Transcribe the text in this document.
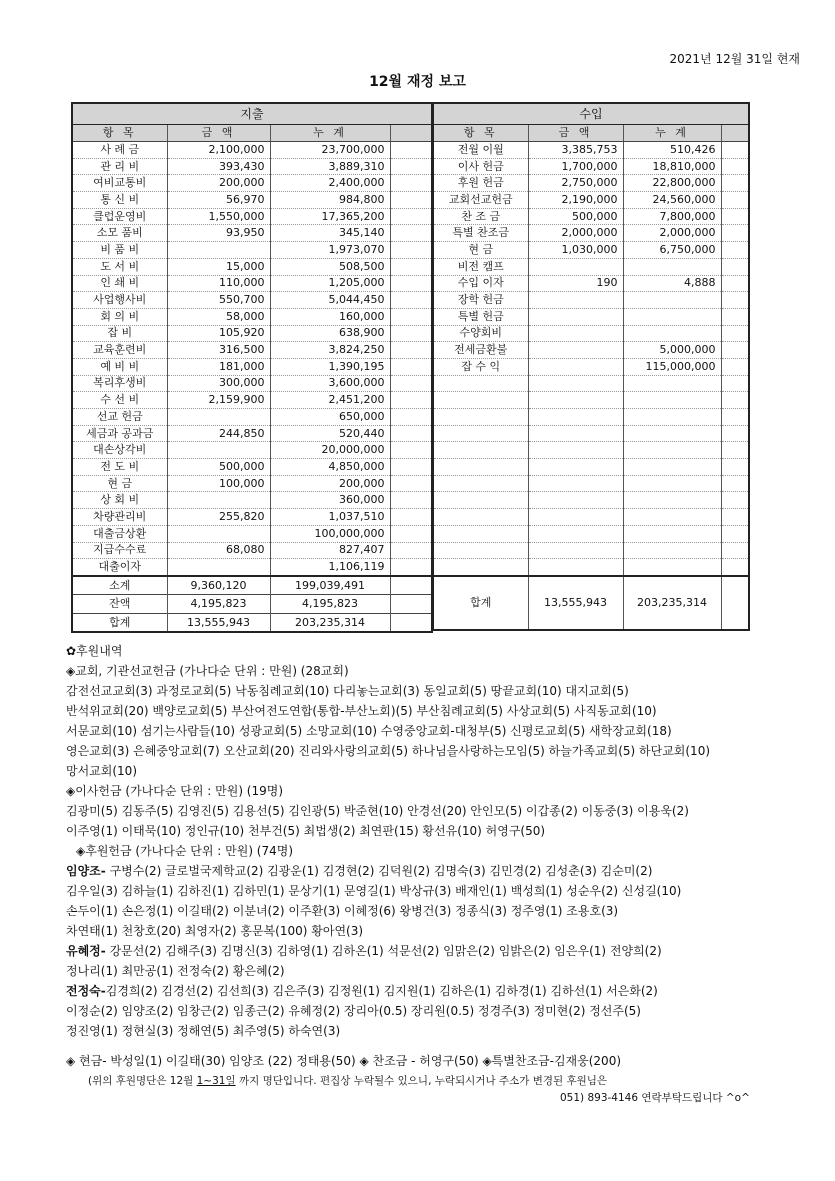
2021년 12월 31일 현재
12월 재정 보고
지출			
항 목	금 액	누 계	
사 례 금	2,100,000	23,700,000	
관 리 비	393,430	3,889,310	
여비교통비	200,000	2,400,000	
통 신 비	56,970	984,800	
클럽운영비	1,550,000	17,365,200	
소모 품비	93,950	345,140	
비 품 비		1,973,070	
도 서 비	15,000	508,500	
인 쇄 비	110,000	1,205,000	
사업행사비	550,700	5,044,450	
회 의 비	58,000	160,000	
잡 비	105,920	638,900	
교육훈련비	316,500	3,824,250	
예 비 비	181,000	1,390,195	
복리후생비	300,000	3,600,000	
수 선 비	2,159,900	2,451,200	
선교 헌금		650,000	
세금과 공과금	244,850	520,440	
대손상각비		20,000,000	
전 도 비	500,000	4,850,000	
현 금	100,000	200,000	
상 회 비		360,000	
차량관리비	255,820	1,037,510	
대출금상환		100,000,000	
지급수수료	68,080	827,407	
대출이자		1,106,119	
소계	9,360,120	199,039,491	
잔액	4,195,823	4,195,823	
합계	13,555,943	203,235,314	
수입			
항 목	금 액	누 계	
전월 이월	3,385,753	510,426	
이사 헌금	1,700,000	18,810,000	
후원 헌금	2,750,000	22,800,000	
교회선교헌금	2,190,000	24,560,000	
찬 조 금	500,000	7,800,000	
특별 찬조금	2,000,000	2,000,000	
현 금	1,030,000	6,750,000	
비전 캠프			
수입 이자	190	4,888	
장학 헌금			
특별 헌금			
수양회비			
전세금환불		5,000,000	
잡 수 익		115,000,000	

합계	13,555,943	203,235,314	

✿후원내역

◈교회, 기관선교헌금 (가나다순 단위 : 만원) (28교회)

감전선교교회(3) 과정로교회(5) 낙동침례교회(10) 다리놓는교회(3) 동일교회(5) 땅끝교회(10) 대지교회(5)

반석위교회(20) 백양로교회(5) 부산여전도연합(통합-부산노회)(5) 부산침례교회(5) 사상교회(5) 사직동교회(10)

서문교회(10) 섬기는사람들(10) 성광교회(5) 소망교회(10) 수영중앙교회-대청부(5) 신평로교회(5) 새학장교회(18)

영은교회(3) 은혜중앙교회(7) 오산교회(20) 진리와사랑의교회(5) 하나님을사랑하는모임(5) 하늘가족교회(5) 하단교회(10)

망서교회(10)

◈이사헌금 (가나다순 단위 : 만원) (19명)

김광미(5) 김동주(5) 김영진(5) 김용선(5) 김인광(5) 박준현(10) 안경선(20) 안인모(5) 이갑종(2) 이동중(3) 이용욱(2)

이주영(1) 이태묵(10) 정인규(10) 천부건(5) 최법생(2) 최연판(15) 황선유(10) 허영구(50)

◈후원헌금 (가나다순 단위 : 만원) (74명)

임양조- 구병수(2) 글로벌국제학교(2) 김광운(1) 김경현(2) 김덕원(2) 김명숙(3) 김민경(2) 김성춘(3) 김순미(2)

김우일(3) 김하늘(1) 김하진(1) 김하민(1) 문상기(1) 문영길(1) 박상규(3) 배재인(1) 백성희(1) 성순우(2) 신성길(10)

손두이(1) 손은정(1) 이길태(2) 이분녀(2) 이주환(3) 이혜정(6) 왕병건(3) 정종식(3) 정주영(1) 조용호(3)

차연태(1) 천창호(20) 최영자(2) 홍문복(100) 황아연(3)

유혜정- 강문선(2) 김해주(3) 김명신(3) 김하영(1) 김하온(1) 석문선(2) 임맑은(2) 임밝은(2) 임은우(1) 전양희(2)

정나리(1) 최만공(1) 전정숙(2) 황은혜(2)

전정숙-김경희(2) 김경선(2) 김선희(3) 김은주(3) 김정원(1) 김지원(1) 김하은(1) 김하경(1) 김하선(1) 서은화(2)

이정순(2) 임양조(2) 임창근(2) 임종근(2) 유혜정(2) 장리아(0.5) 장리원(0.5) 정경주(3) 정미현(2) 정선주(5)

정진영(1) 정현실(3) 정해연(5) 최주영(5) 하숙연(3)

◈ 현금- 박성일(1) 이길태(30) 임양조 (22) 정태용(50) ◈ 찬조금 - 허영구(50) ◈특별찬조금-김재웅(200)

(위의 후원명단은 12월 1~31일 까지 명단입니다. 편집상 누락될수 있으니, 누락되시거나 주소가 변경된 후원님은
051) 893-4146 연락부탁드립니다 ^o^
